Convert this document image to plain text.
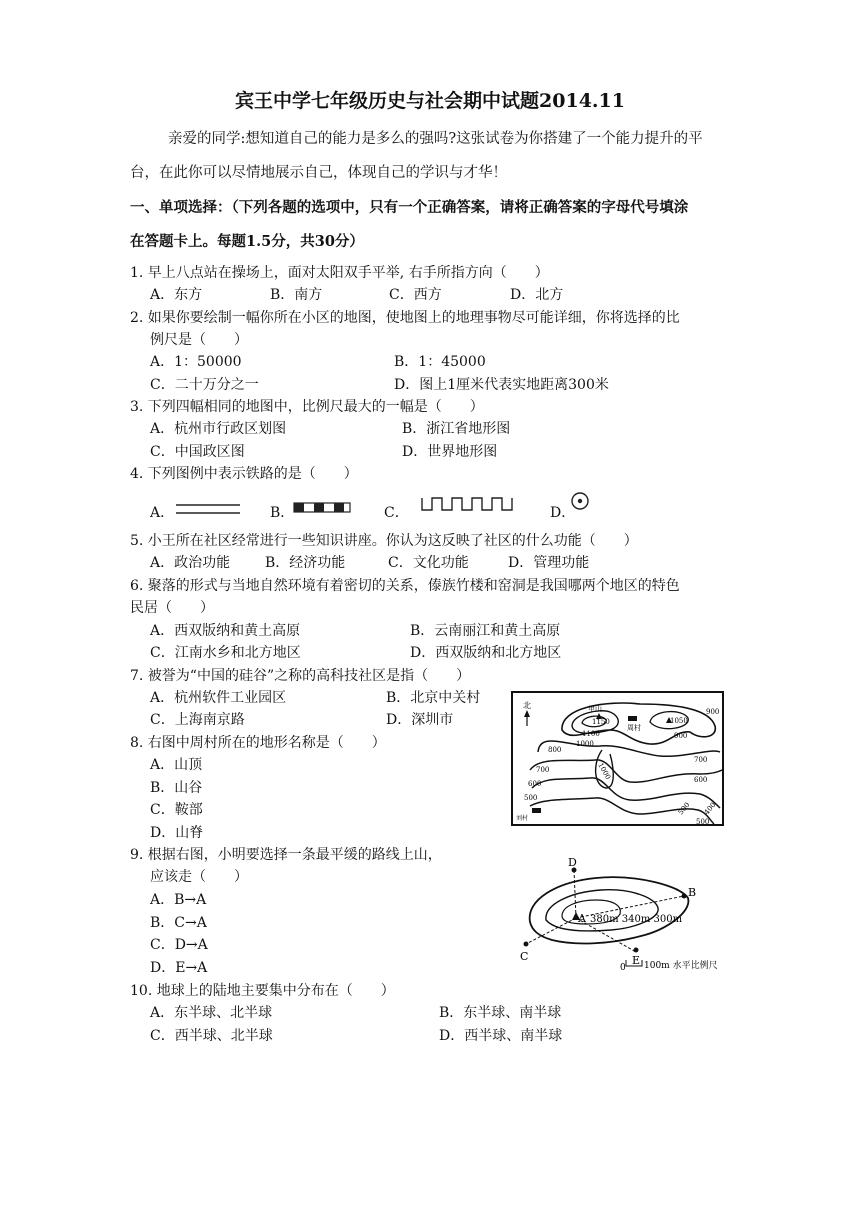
宾王中学七年级历史与社会期中试题2014.11
亲爱的同学:想知道自己的能力是多么的强吗?这张试卷为你搭建了一个能力提升的平
台，在此你可以尽情地展示自己，体现自己的学识与才华！
一、单项选择：（下列各题的选项中，只有一个正确答案，请将正确答案的字母代号填涂
在答题卡上。每题1.5分，共30分）
1. 早上八点站在操场上，面对太阳双手平举, 右手所指方向（　　）
A．东方	B．南方	C．西方	D．北方
2. 如果你要绘制一幅你所在小区的地图，使地图上的地理事物尽可能详细，你将选择的比
例尺是（　　）
A．1：50000	B．1：45000
C．二十万分之一	D．图上1厘米代表实地距离300米
3. 下列四幅相同的地图中，比例尺最大的一幅是（　　）
A．杭州市行政区划图	B．浙江省地形图
C．中国政区图	D．世界地形图
4. 下列图例中表示铁路的是（　　）
A．	B．	C．	D．
5. 小王所在社区经常进行一些知识讲座。你认为这反映了社区的什么功能（　　）
A．政治功能 B．经济功能	C．文化功能	D．管理功能
6. 聚落的形式与当地自然环境有着密切的关系，傣族竹楼和窑洞是我国哪两个地区的特色
民居（　　）
A．西双版纳和黄土高原	B．云南丽江和黄土高原
C．江南水乡和北方地区	D．西双版纳和北方地区
7. 被誉为“中国的硅谷”之称的高科技社区是指（　　）
A．杭州软件工业园区	B．北京中关村
C．上海南京路	D．深圳市
8. 右图中周村所在的地形名称是（　　）
A．山顶
B．山谷
C．鞍部
D．山脊
北	甲山
1150	1050
周村
刘村
1100
1000
900
800
700
600
500
1000
900
700
600
500 400
500
9. 根据右图，小明要选择一条最平缓的路线上山，
应该走（　　）
A．B→A
B．C→A
C．D→A
D．E→A
D
B
A
C	E
380m 340m 300m
0 100m 水平比例尺
10. 地球上的陆地主要集中分布在（　　）
A．东半球、北半球	B．东半球、南半球
C．西半球、北半球	D．西半球、南半球
